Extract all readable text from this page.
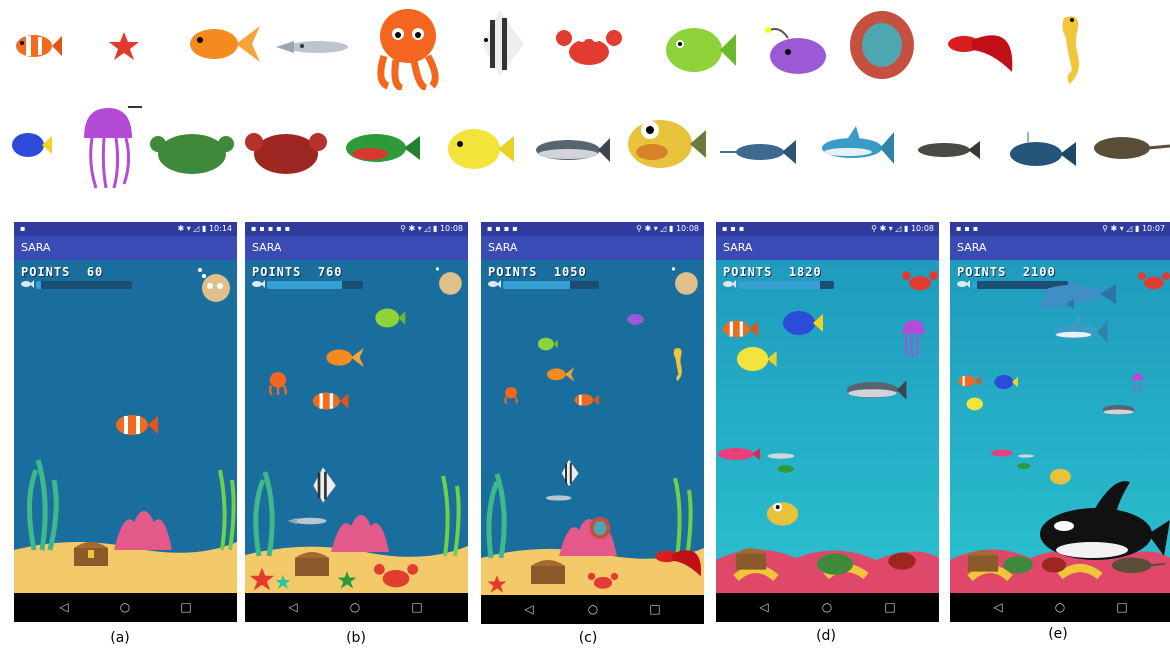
▪	✱ ▾ ◿ ▮ 10:14
SARA
POINTS 60
◁	○	□
▪▪▪▪▪	⚲ ✱ ▾ ◿ ▮ 10:08
SARA
POINTS 760
◁	○	□
▪▪▪▪	⚲ ✱ ▾ ◿ ▮ 10:08
SARA
POINTS 1050
◁	○	□
▪▪▪	⚲ ✱ ▾ ◿ ▮ 10:08
SARA
POINTS 1820
◁	○	□
▪▪▪	⚲ ✱ ▾ ◿ ▮ 10:07
SARA
POINTS 2100
◁	○	□
(a)	(b)	(c)	(d)	(e)
